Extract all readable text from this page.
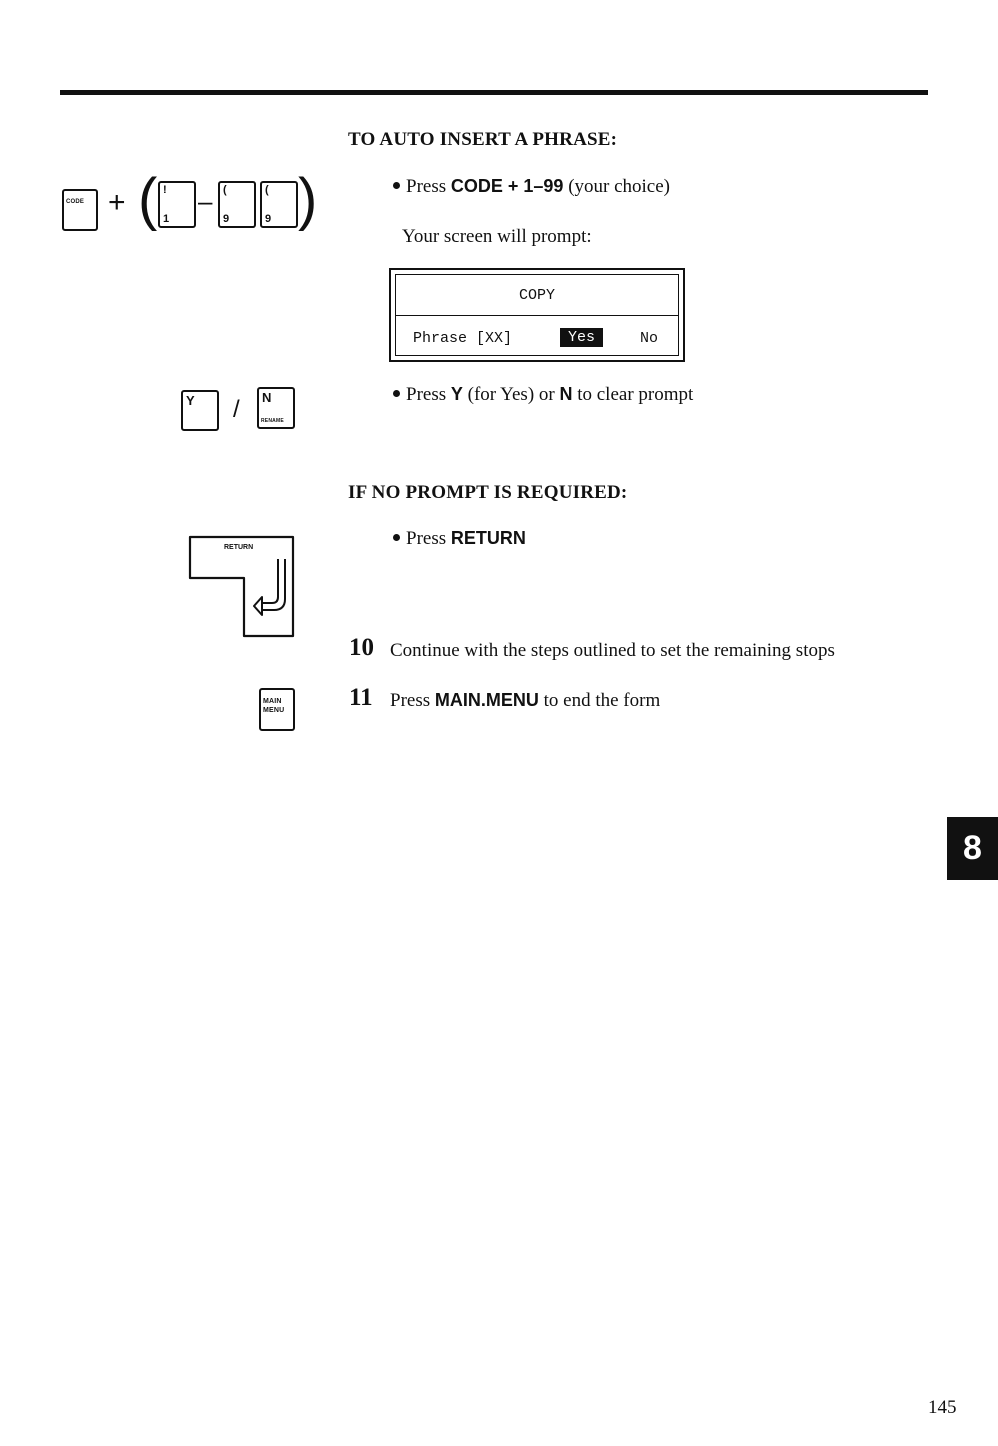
CODE + ( !
1
– (
9
(
9 )
Y / N
RENAME
RETURN
MAIN
MENU
TO AUTO INSERT A PHRASE:
Press CODE + 1–99 (your choice)
Your screen will prompt:
COPY
Phrase [XX]	Yes	No
Press Y (for Yes) or N to clear prompt
IF NO PROMPT IS REQUIRED:
Press RETURN
10 Continue with the steps outlined to set the remaining stops
11 Press MAIN.MENU to end the form
8
145
